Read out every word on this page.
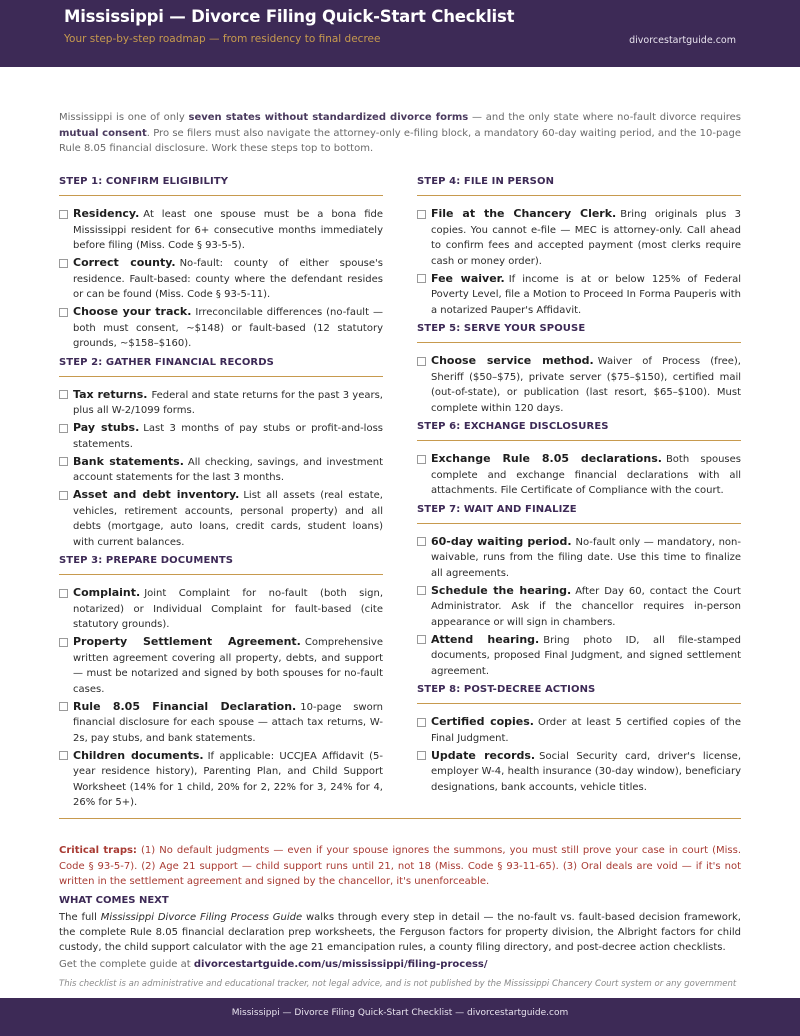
Mississippi — Divorce Filing Quick-Start Checklist
Your step-by-step roadmap — from residency to final decree	divorcestartguide.com

Mississippi is one of only seven states without standardized divorce forms — and the only state where no-fault divorce requires mutual consent. Pro se filers must also navigate the attorney-only e-filing block, a mandatory 60-day waiting period, and the 10-page Rule 8.05 financial disclosure. Work these steps top to bottom.

STEP 1: CONFIRM ELIGIBILITY
Residency. At least one spouse must be a bona fide Mississippi resident for 6+ consecutive months immediately before filing (Miss. Code § 93-5-5).
Correct county. No-fault: county of either spouse's residence. Fault-based: county where the defendant resides or can be found (Miss. Code § 93-5-11).
Choose your track. Irreconcilable differences (no-fault — both must consent, ~$148) or fault-based (12 statutory grounds, ~$158–$160).
STEP 2: GATHER FINANCIAL RECORDS
Tax returns. Federal and state returns for the past 3 years, plus all W-2/1099 forms.
Pay stubs. Last 3 months of pay stubs or profit-and-loss statements.
Bank statements. All checking, savings, and investment account statements for the last 3 months.
Asset and debt inventory. List all assets (real estate, vehicles, retirement accounts, personal property) and all debts (mortgage, auto loans, credit cards, student loans) with current balances.
STEP 3: PREPARE DOCUMENTS
Complaint. Joint Complaint for no-fault (both sign, notarized) or Individual Complaint for fault-based (cite statutory grounds).
Property Settlement Agreement. Comprehensive written agreement covering all property, debts, and support — must be notarized and signed by both spouses for no-fault cases.
Rule 8.05 Financial Declaration. 10-page sworn financial disclosure for each spouse — attach tax returns, W-2s, pay stubs, and bank statements.
Children documents. If applicable: UCCJEA Affidavit (5-year residence history), Parenting Plan, and Child Support Worksheet (14% for 1 child, 20% for 2, 22% for 3, 24% for 4, 26% for 5+).
STEP 4: FILE IN PERSON
File at the Chancery Clerk. Bring originals plus 3 copies. You cannot e-file — MEC is attorney-only. Call ahead to confirm fees and accepted payment (most clerks require cash or money order).
Fee waiver. If income is at or below 125% of Federal Poverty Level, file a Motion to Proceed In Forma Pauperis with a notarized Pauper's Affidavit.
STEP 5: SERVE YOUR SPOUSE
Choose service method. Waiver of Process (free), Sheriff ($50–$75), private server ($75–$150), certified mail (out-of-state), or publication (last resort, $65–$100). Must complete within 120 days.
STEP 6: EXCHANGE DISCLOSURES
Exchange Rule 8.05 declarations. Both spouses complete and exchange financial declarations with all attachments. File Certificate of Compliance with the court.
STEP 7: WAIT AND FINALIZE
60-day waiting period. No-fault only — mandatory, non-waivable, runs from the filing date. Use this time to finalize all agreements.
Schedule the hearing. After Day 60, contact the Court Administrator. Ask if the chancellor requires in-person appearance or will sign in chambers.
Attend hearing. Bring photo ID, all file-stamped documents, proposed Final Judgment, and signed settlement agreement.
STEP 8: POST-DECREE ACTIONS
Certified copies. Order at least 5 certified copies of the Final Judgment.
Update records. Social Security card, driver's license, employer W-4, health insurance (30-day window), beneficiary designations, bank accounts, vehicle titles.

Critical traps: (1) No default judgments — even if your spouse ignores the summons, you must still prove your case in court (Miss. Code § 93-5-7). (2) Age 21 support — child support runs until 21, not 18 (Miss. Code § 93-11-65). (3) Oral deals are void — if it's not written in the settlement agreement and signed by the chancellor, it's unenforceable.

WHAT COMES NEXT

The full Mississippi Divorce Filing Process Guide walks through every step in detail — the no-fault vs. fault-based decision framework, the complete Rule 8.05 financial declaration prep worksheets, the Ferguson factors for property division, the Albright factors for child custody, the child support calculator with the age 21 emancipation rules, a county filing directory, and post-decree action checklists.

Get the complete guide at divorcestartguide.com/us/mississippi/filing-process/
This checklist is an administrative and educational tracker, not legal advice, and is not published by the Mississippi Chancery Court system or any government
Mississippi — Divorce Filing Quick-Start Checklist — divorcestartguide.com
